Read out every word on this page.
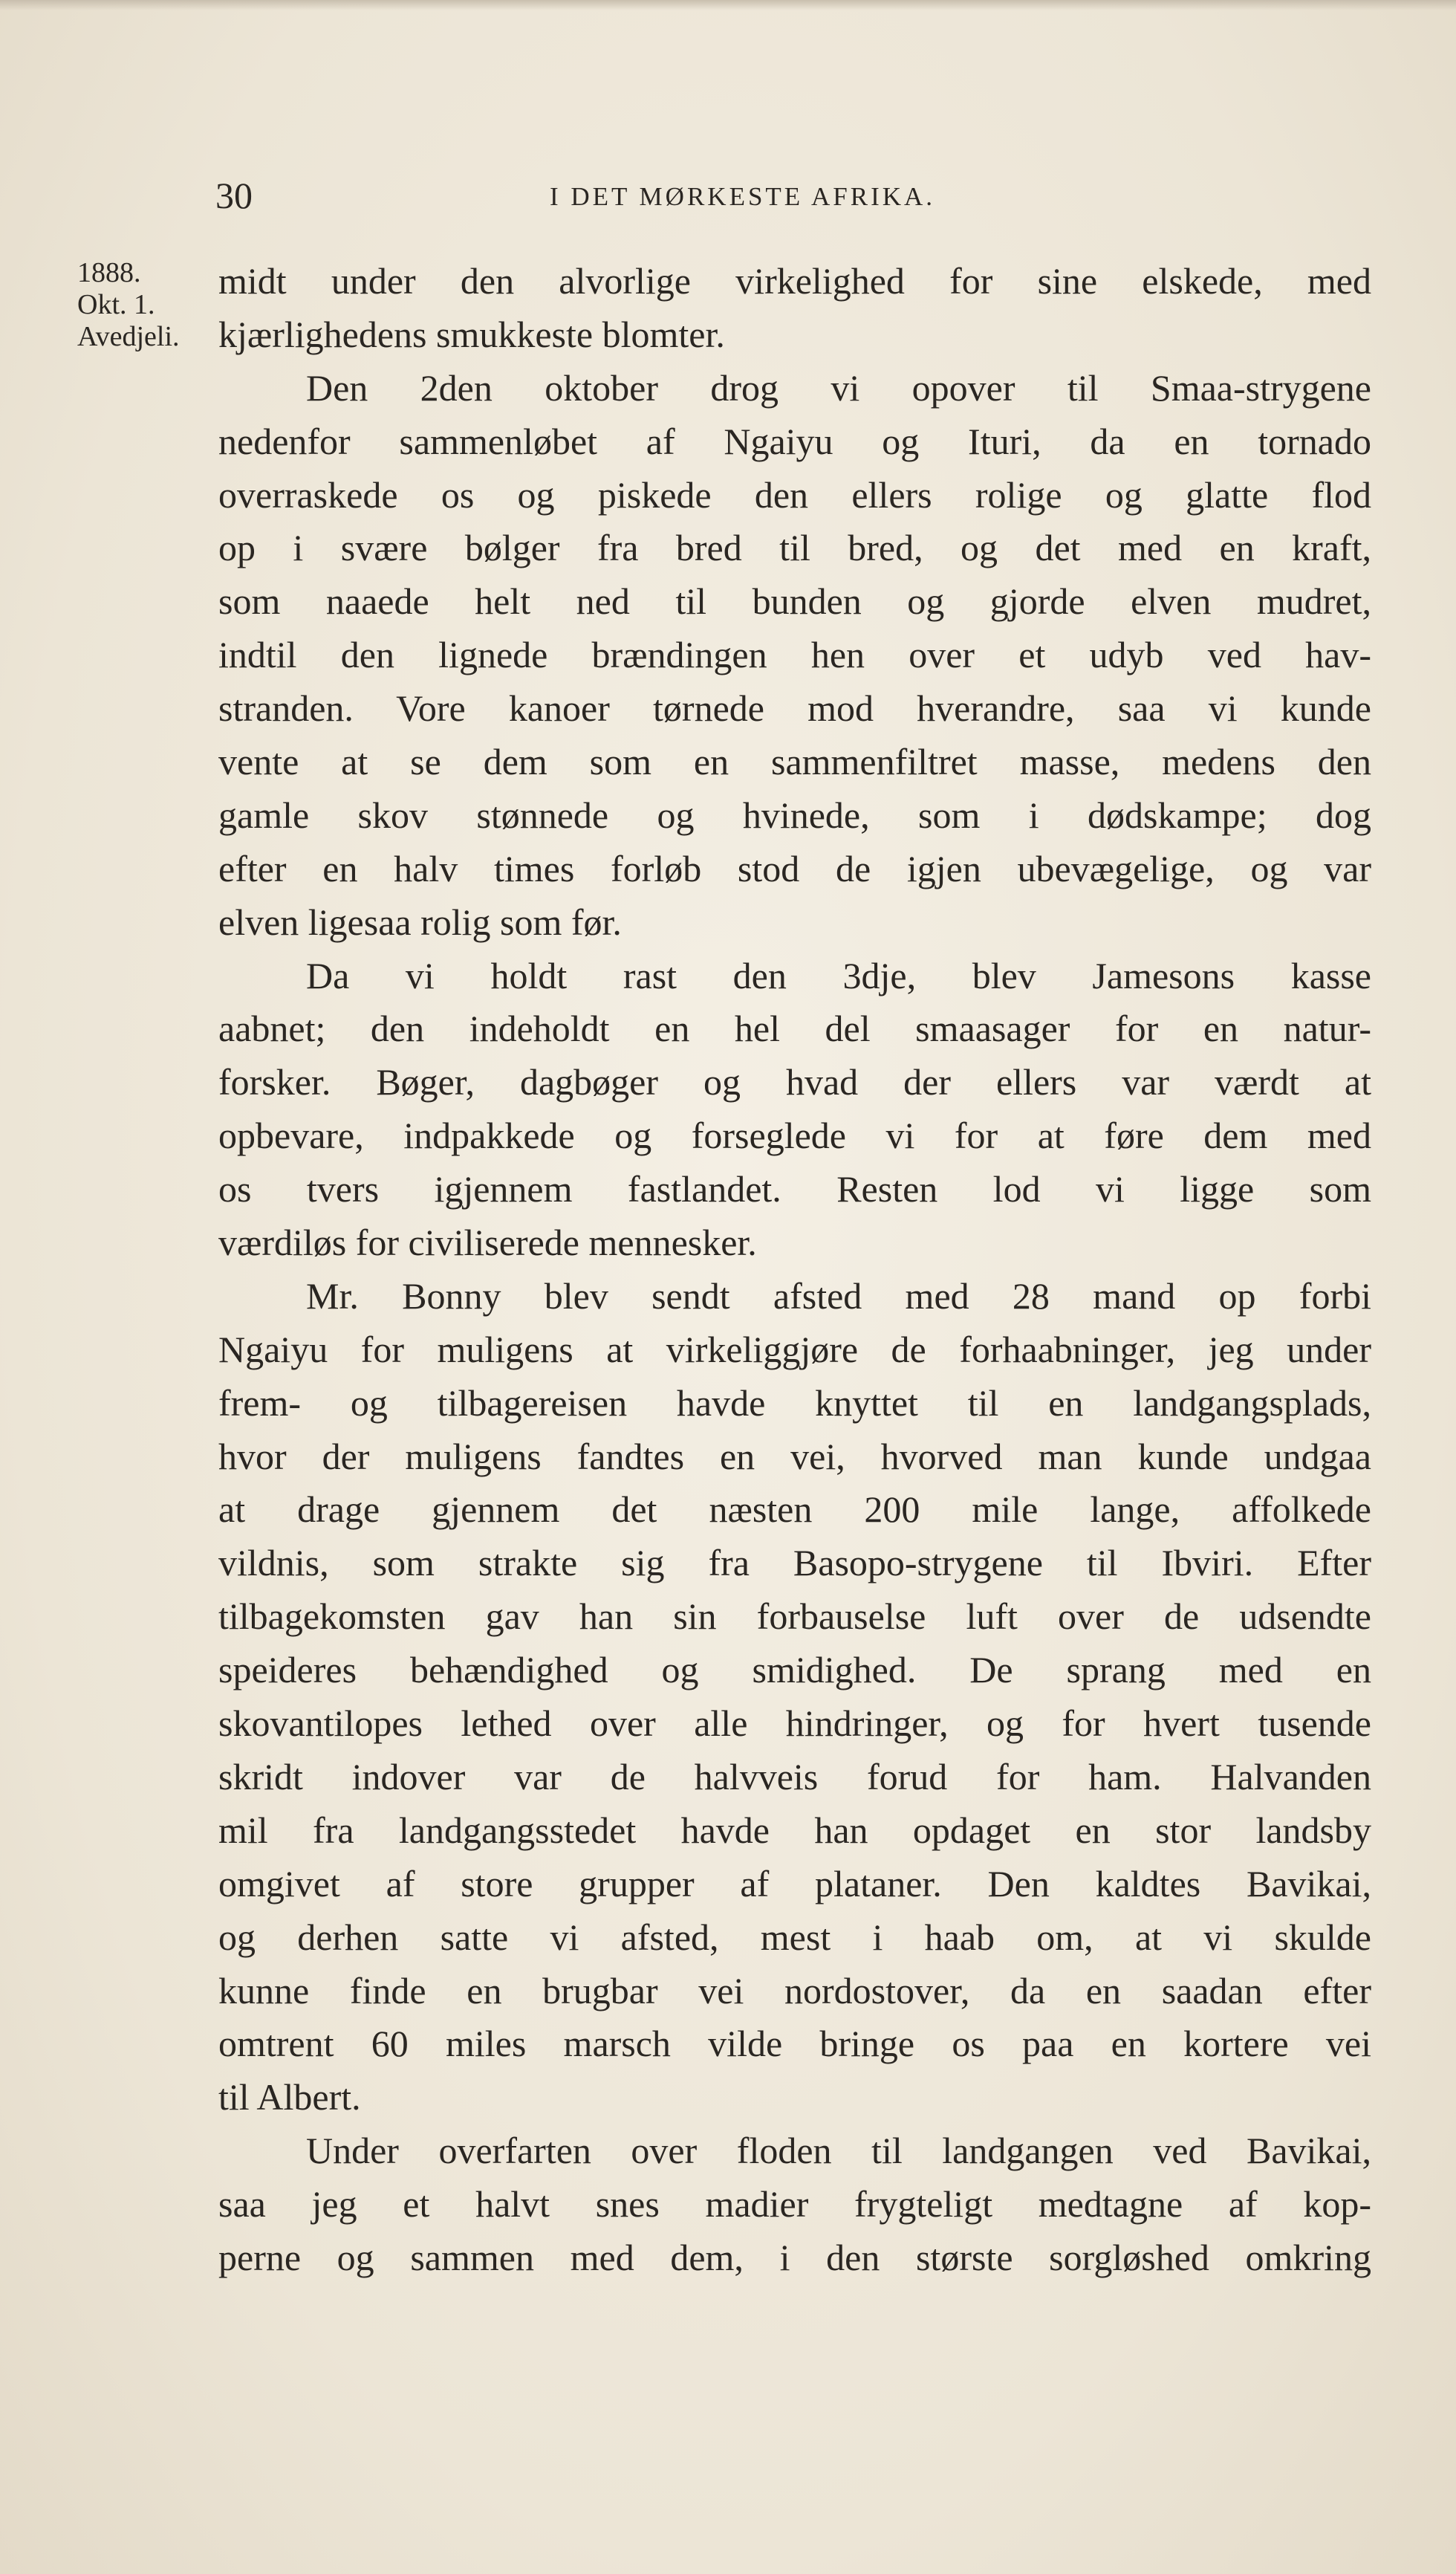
30	I DET MØRKESTE AFRIKA.
1888.
Okt. 1.
Avedjeli.
midt under den alvorlige virkelighed for sine elskede, med
kjærlighedens smukkeste blomter.
Den 2den oktober drog vi opover til Smaa-strygene
nedenfor sammenløbet af Ngaiyu og Ituri, da en tornado
overraskede os og piskede den ellers rolige og glatte flod
op i svære bølger fra bred til bred, og det med en kraft,
som naaede helt ned til bunden og gjorde elven mudret,
indtil den lignede brændingen hen over et udyb ved hav-
stranden. Vore kanoer tørnede mod hverandre, saa vi kunde
vente at se dem som en sammenfiltret masse, medens den
gamle skov stønnede og hvinede, som i dødskampe; dog
efter en halv times forløb stod de igjen ubevægelige, og var
elven ligesaa rolig som før.
Da vi holdt rast den 3dje, blev Jamesons kasse
aabnet; den indeholdt en hel del smaasager for en natur-
forsker. Bøger, dagbøger og hvad der ellers var værdt at
opbevare, indpakkede og forseglede vi for at føre dem med
os tvers igjennem fastlandet. Resten lod vi ligge som
værdiløs for civiliserede mennesker.
Mr. Bonny blev sendt afsted med 28 mand op forbi
Ngaiyu for muligens at virkeliggjøre de forhaabninger, jeg under
frem- og tilbagereisen havde knyttet til en landgangsplads,
hvor der muligens fandtes en vei, hvorved man kunde undgaa
at drage gjennem det næsten 200 mile lange, affolkede
vildnis, som strakte sig fra Basopo-strygene til Ibviri. Efter
tilbagekomsten gav han sin forbauselse luft over de udsendte
speideres behændighed og smidighed. De sprang med en
skovantilopes lethed over alle hindringer, og for hvert tusende
skridt indover var de halvveis forud for ham. Halvanden
mil fra landgangsstedet havde han opdaget en stor landsby
omgivet af store grupper af plataner. Den kaldtes Bavikai,
og derhen satte vi afsted, mest i haab om, at vi skulde
kunne finde en brugbar vei nordostover, da en saadan efter
omtrent 60 miles marsch vilde bringe os paa en kortere vei
til Albert.
Under overfarten over floden til landgangen ved Bavikai,
saa jeg et halvt snes madier frygteligt medtagne af kop-
perne og sammen med dem, i den største sorgløshed omkring
